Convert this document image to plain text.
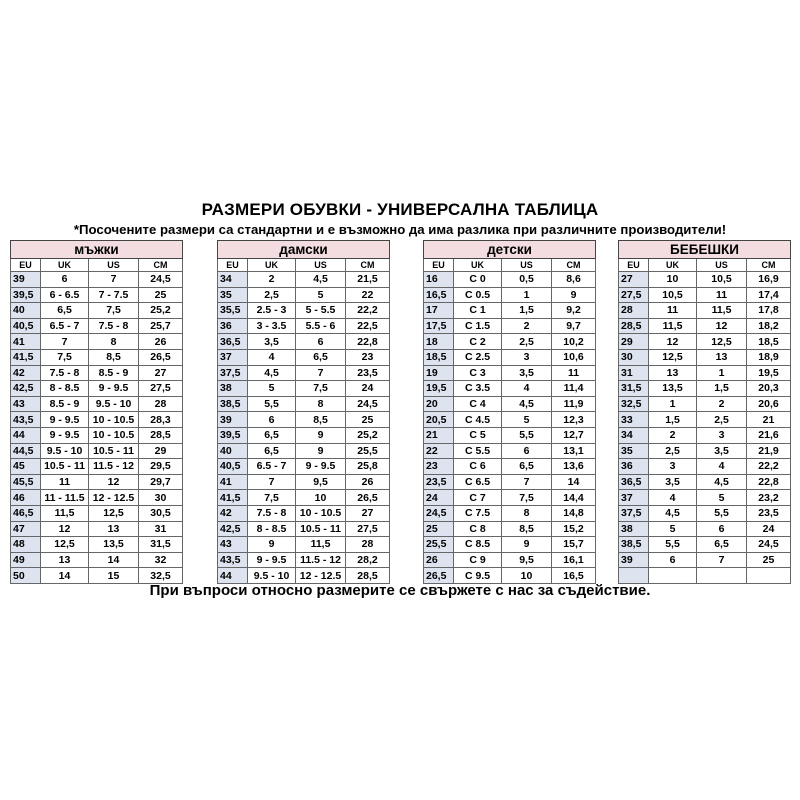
РАЗМЕРИ ОБУВКИ - УНИВЕРСАЛНА ТАБЛИЦА
*Посочените размери са стандартни и е възможно да има разлика при различните производители!
мъжки			
EU	UK	US	CM
39	6	7	24,5
39,5	6 - 6.5	7 - 7.5	25
40	6,5	7,5	25,2
40,5	6.5 - 7	7.5 - 8	25,7
41	7	8	26
41,5	7,5	8,5	26,5
42	7.5 - 8	8.5 - 9	27
42,5	8 - 8.5	9 - 9.5	27,5
43	8.5 - 9	9.5 - 10	28
43,5	9 - 9.5	10 - 10.5	28,3
44	9 - 9.5	10 - 10.5	28,5
44,5	9.5 - 10	10.5 - 11	29
45	10.5 - 11	11.5 - 12	29,5
45,5	11	12	29,7
46	11 - 11.5	12 - 12.5	30
46,5	11,5	12,5	30,5
47	12	13	31
48	12,5	13,5	31,5
49	13	14	32
50	14	15	32,5
дамски			
EU	UK	US	CM
34	2	4,5	21,5
35	2,5	5	22
35,5	2.5 - 3	5 - 5.5	22,2
36	3 - 3.5	5.5 - 6	22,5
36,5	3,5	6	22,8
37	4	6,5	23
37,5	4,5	7	23,5
38	5	7,5	24
38,5	5,5	8	24,5
39	6	8,5	25
39,5	6,5	9	25,2
40	6,5	9	25,5
40,5	6.5 - 7	9 - 9.5	25,8
41	7	9,5	26
41,5	7,5	10	26,5
42	7.5 - 8	10 - 10.5	27
42,5	8 - 8.5	10.5 - 11	27,5
43	9	11,5	28
43,5	9 - 9.5	11.5 - 12	28,2
44	9.5 - 10	12 - 12.5	28,5
детски			
EU	UK	US	CM
16	C 0	0,5	8,6
16,5	C 0.5	1	9
17	C 1	1,5	9,2
17,5	C 1.5	2	9,7
18	C 2	2,5	10,2
18,5	C 2.5	3	10,6
19	C 3	3,5	11
19,5	C 3.5	4	11,4
20	C 4	4,5	11,9
20,5	C 4.5	5	12,3
21	C 5	5,5	12,7
22	C 5.5	6	13,1
23	C 6	6,5	13,6
23,5	C 6.5	7	14
24	C 7	7,5	14,4
24,5	C 7.5	8	14,8
25	C 8	8,5	15,2
25,5	C 8.5	9	15,7
26	C 9	9,5	16,1
26,5	C 9.5	10	16,5
БЕБЕШКИ			
EU	UK	US	CM
27	10	10,5	16,9
27,5	10,5	11	17,4
28	11	11,5	17,8
28,5	11,5	12	18,2
29	12	12,5	18,5
30	12,5	13	18,9
31	13	1	19,5
31,5	13,5	1,5	20,3
32,5	1	2	20,6
33	1,5	2,5	21
34	2	3	21,6
35	2,5	3,5	21,9
36	3	4	22,2
36,5	3,5	4,5	22,8
37	4	5	23,2
37,5	4,5	5,5	23,5
38	5	6	24
38,5	5,5	6,5	24,5
39	6	7	25

При въпроси относно размерите се свържете с нас за съдействие.
